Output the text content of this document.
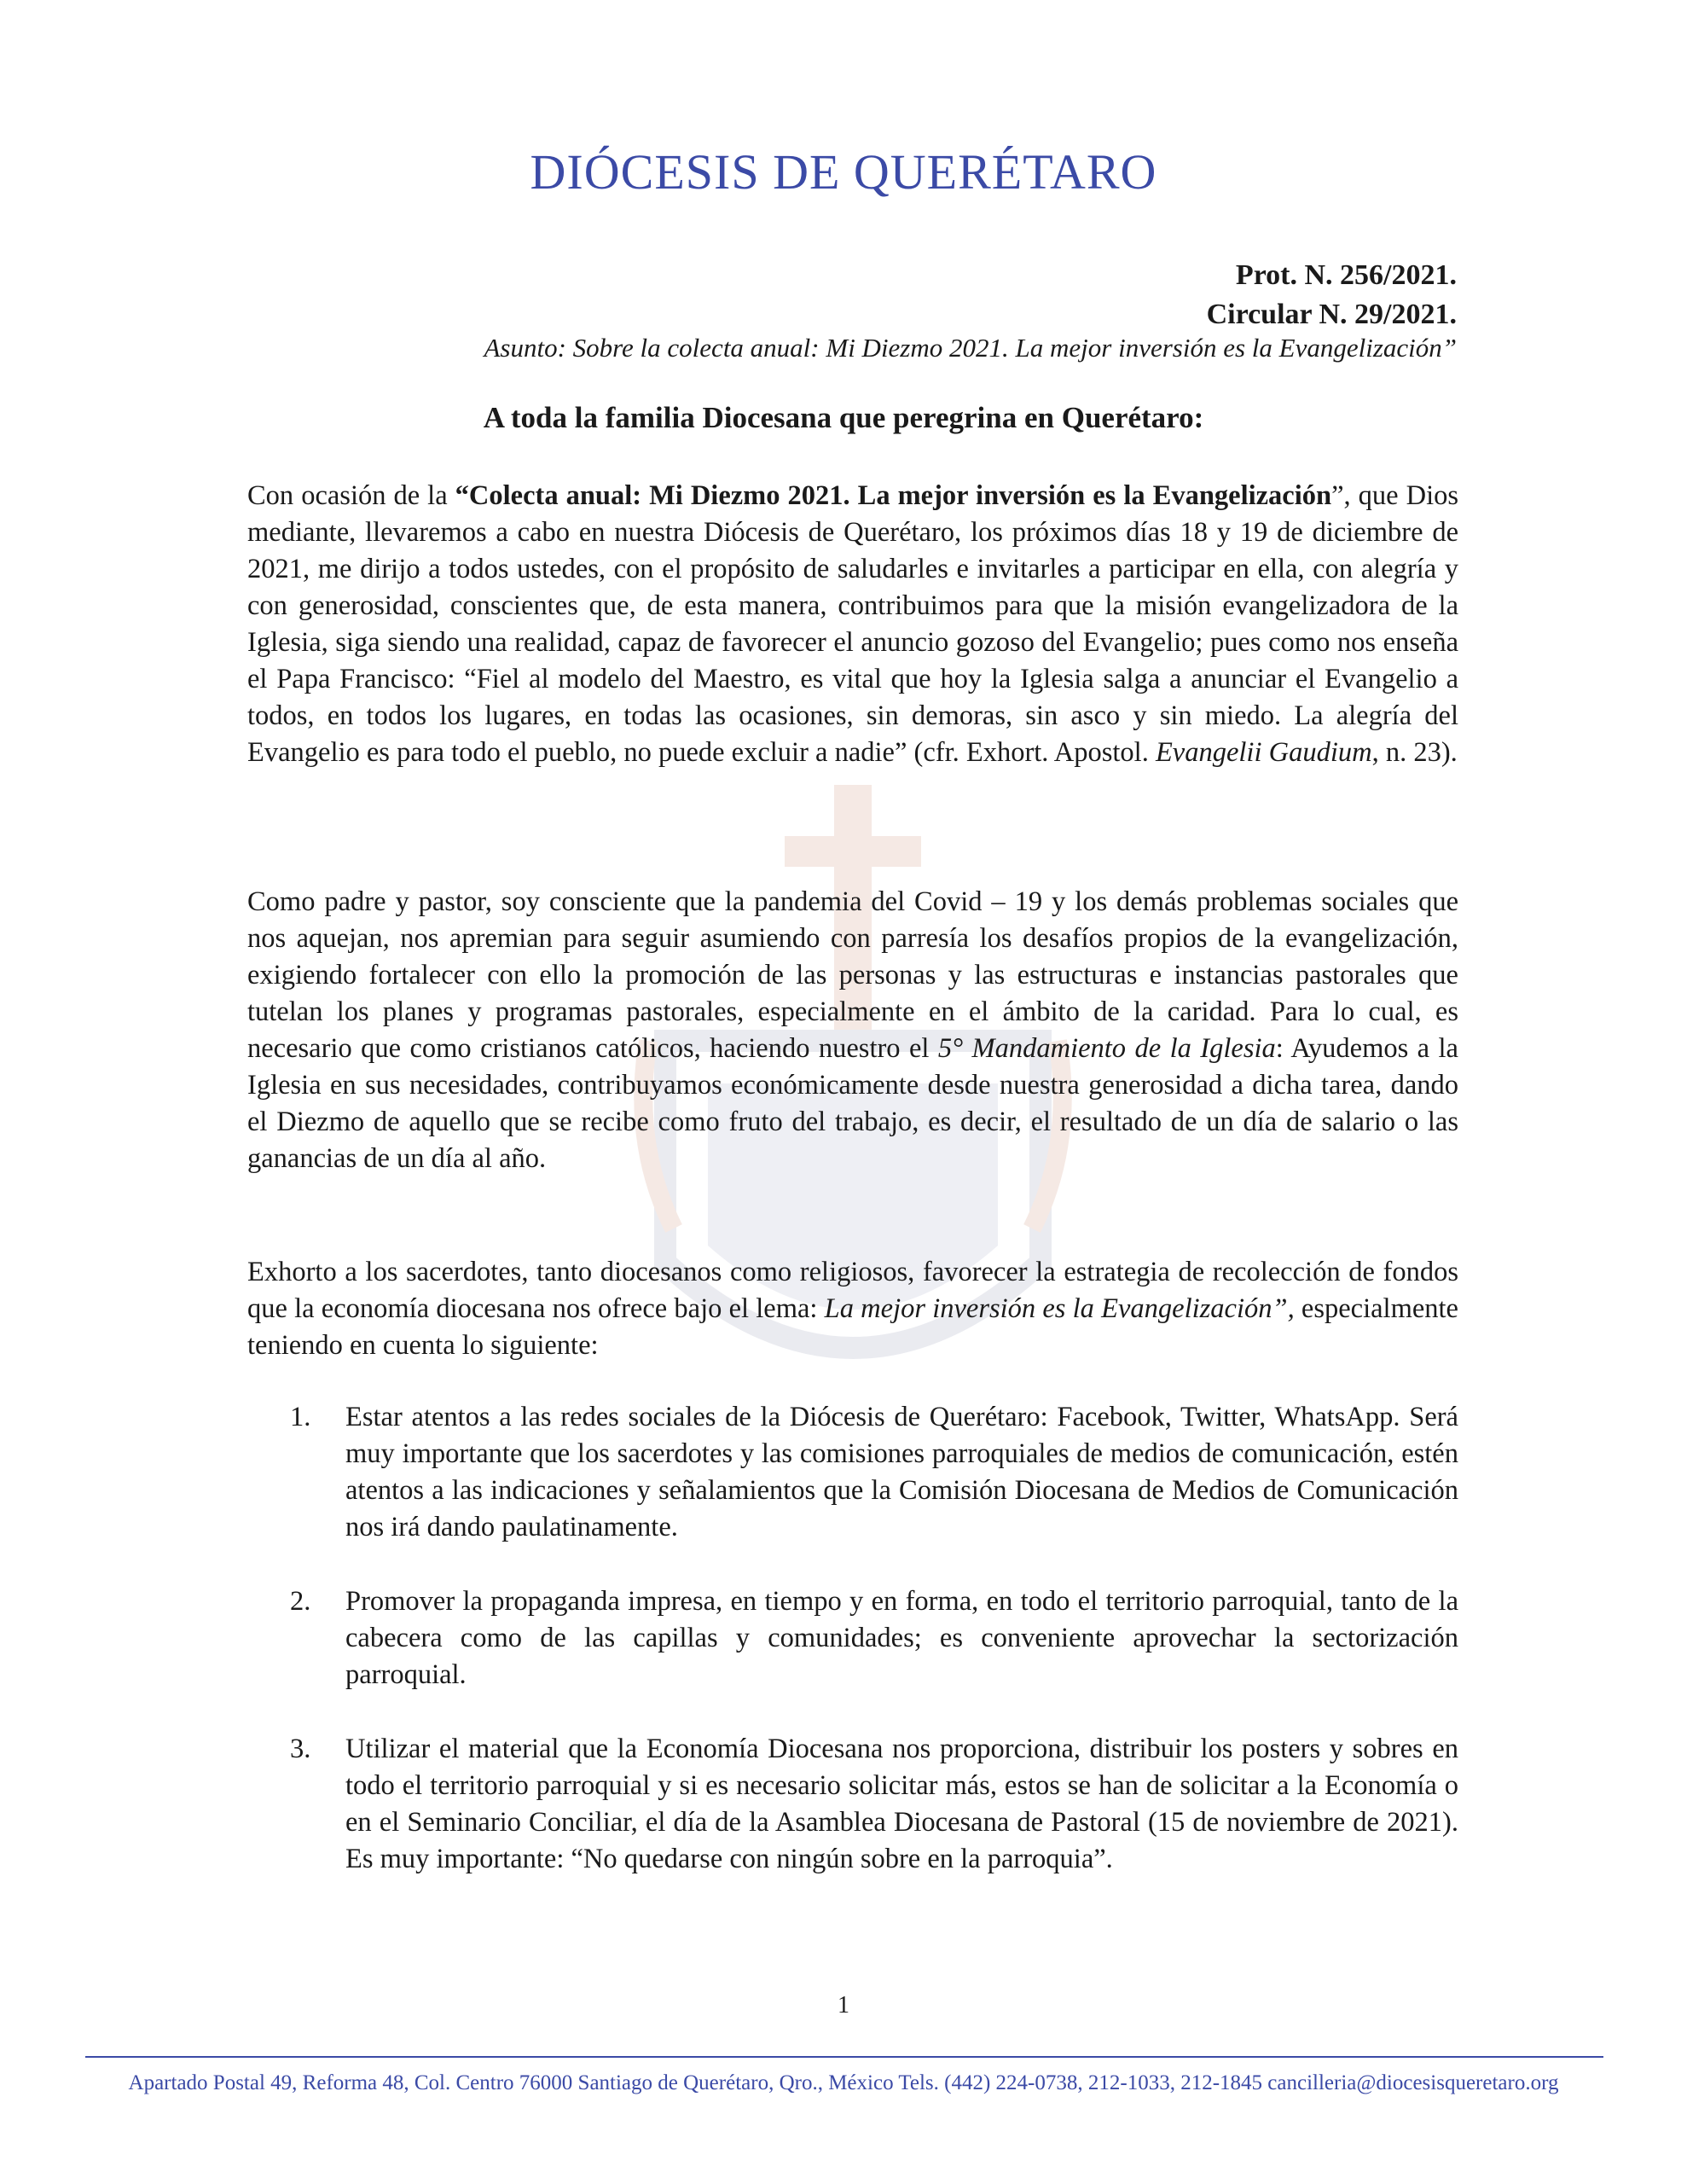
DIÓCESIS DE QUERÉTARO
Prot. N. 256/2021.
Circular N. 29/2021.
Asunto: Sobre la colecta anual: Mi Diezmo 2021. La mejor inversión es la Evangelización”
A toda la familia Diocesana que peregrina en Querétaro:
Con ocasión de la “Colecta anual: Mi Diezmo 2021. La mejor inversión es la Evangelización”, que Dios mediante, llevaremos a cabo en nuestra Diócesis de Querétaro, los próximos días 18 y 19 de diciembre de 2021, me dirijo a todos ustedes, con el propósito de saludarles e invitarles a participar en ella, con alegría y con generosidad, conscientes que, de esta manera, contribuimos para que la misión evangelizadora de la Iglesia, siga siendo una realidad, capaz de favorecer el anuncio gozoso del Evangelio; pues como nos enseña el Papa Francisco: “Fiel al modelo del Maestro, es vital que hoy la Iglesia salga a anunciar el Evangelio a todos, en todos los lugares, en todas las ocasiones, sin demoras, sin asco y sin miedo. La alegría del Evangelio es para todo el pueblo, no puede excluir a nadie” (cfr. Exhort. Apostol. Evangelii Gaudium, n. 23).
Como padre y pastor, soy consciente que la pandemia del Covid – 19 y los demás problemas sociales que nos aquejan, nos apremian para seguir asumiendo con parresía los desafíos propios de la evangelización, exigiendo fortalecer con ello la promoción de las personas y las estructuras e instancias pastorales que tutelan los planes y programas pastorales, especialmente en el ámbito de la caridad. Para lo cual, es necesario que como cristianos católicos, haciendo nuestro el 5° Mandamiento de la Iglesia: Ayudemos a la Iglesia en sus necesidades, contribuyamos económicamente desde nuestra generosidad a dicha tarea, dando el Diezmo de aquello que se recibe como fruto del trabajo, es decir, el resultado de un día de salario o las ganancias de un día al año.
Exhorto a los sacerdotes, tanto diocesanos como religiosos, favorecer la estrategia de recolección de fondos que la economía diocesana nos ofrece bajo el lema: La mejor inversión es la Evangelización”, especialmente teniendo en cuenta lo siguiente:
1. Estar atentos a las redes sociales de la Diócesis de Querétaro: Facebook, Twitter, WhatsApp. Será muy importante que los sacerdotes y las comisiones parroquiales de medios de comunicación, estén atentos a las indicaciones y señalamientos que la Comisión Diocesana de Medios de Comunicación nos irá dando paulatinamente.
2. Promover la propaganda impresa, en tiempo y en forma, en todo el territorio parroquial, tanto de la cabecera como de las capillas y comunidades; es conveniente aprovechar la sectorización parroquial.
3. Utilizar el material que la Economía Diocesana nos proporciona, distribuir los posters y sobres en todo el territorio parroquial y si es necesario solicitar más, estos se han de solicitar a la Economía o en el Seminario Conciliar, el día de la Asamblea Diocesana de Pastoral (15 de noviembre de 2021). Es muy importante: “No quedarse con ningún sobre en la parroquia”.
1
Apartado Postal 49, Reforma 48, Col. Centro 76000 Santiago de Querétaro, Qro., México Tels. (442) 224-0738, 212-1033, 212-1845 cancilleria@diocesisqueretaro.org
